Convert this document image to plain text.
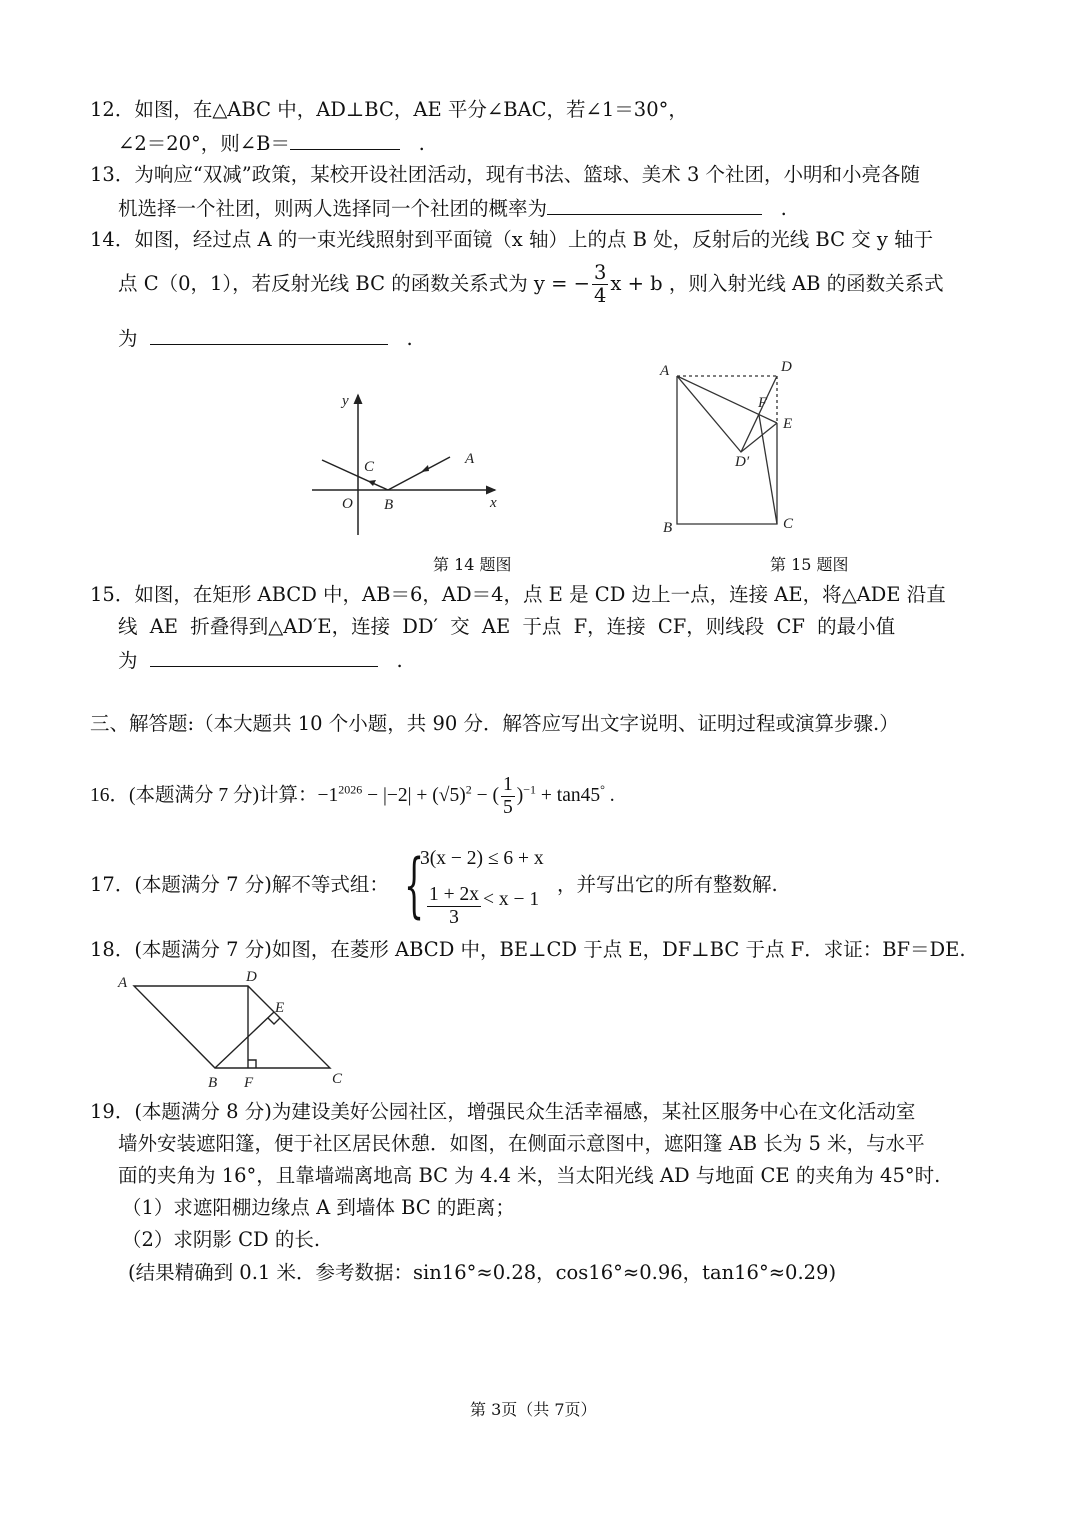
12．如图，在△ABC 中，AD⊥BC，AE 平分∠BAC，若∠1＝30°，
∠2＝20°，则∠B＝	.
13．为响应“双减”政策，某校开设社团活动，现有书法、篮球、美术 3 个社团，小明和小亮各随
机选择一个社团，则两人选择同一个社团的概率为	.
14．如图，经过点 A 的一束光线照射到平面镜（x 轴）上的点 B 处，反射后的光线 BC 交 y 轴于
点 C（0，1），若反射光线 BC 的函数关系式为 y = − $\frac{3}{4}$ x + b ，则入射光线 AB 的函数关系式
为	.
y
x
O B
C	A
第 14 题图
A	D
F
E
D′
B	C
第 15 题图
15．如图，在矩形 ABCD 中，AB＝6，AD＝4，点 E 是 CD 边上一点，连接 AE，将△ADE 沿直
线 AE 折叠得到△AD′E，连接 DD′ 交 AE 于点 F，连接 CF，则线段 CF 的最小值
为	.
三、解答题:（本大题共 10 个小题，共 90 分．解答应写出文字说明、证明过程或演算步骤.）
16．(本题满分 7 分)计算：$-1^{2026} - |-2| + (√5)^2$ − ( $\frac{1}{5} )^{-1} + \tan 45^\circ$ .
17．(本题满分 7 分)解不等式组： {
3(x − 2) ≤ 6 + x
$\frac{1 + 2x}{3} < x - 1$
，并写出它的所有整数解.
18．(本题满分 7 分)如图，在菱形 ABCD 中，BE⊥CD 于点 E，DF⊥BC 于点 F．求证：BF＝DE.
A	D
E
B F	C
19．(本题满分 8 分)为建设美好公园社区，增强民众生活幸福感，某社区服务中心在文化活动室
墙外安装遮阳篷，便于社区居民休憩．如图，在侧面示意图中，遮阳篷 AB 长为 5 米，与水平
面的夹角为 16°，且靠墙端离地高 BC 为 4.4 米，当太阳光线 AD 与地面 CE 的夹角为 45°时.
（1）求遮阳棚边缘点 A 到墙体 BC 的距离；
（2）求阴影 CD 的长.
(结果精确到 0.1 米．参考数据：sin16°≈0.28，cos16°≈0.96，tan16°≈0.29)
第 3页（共 7页）
